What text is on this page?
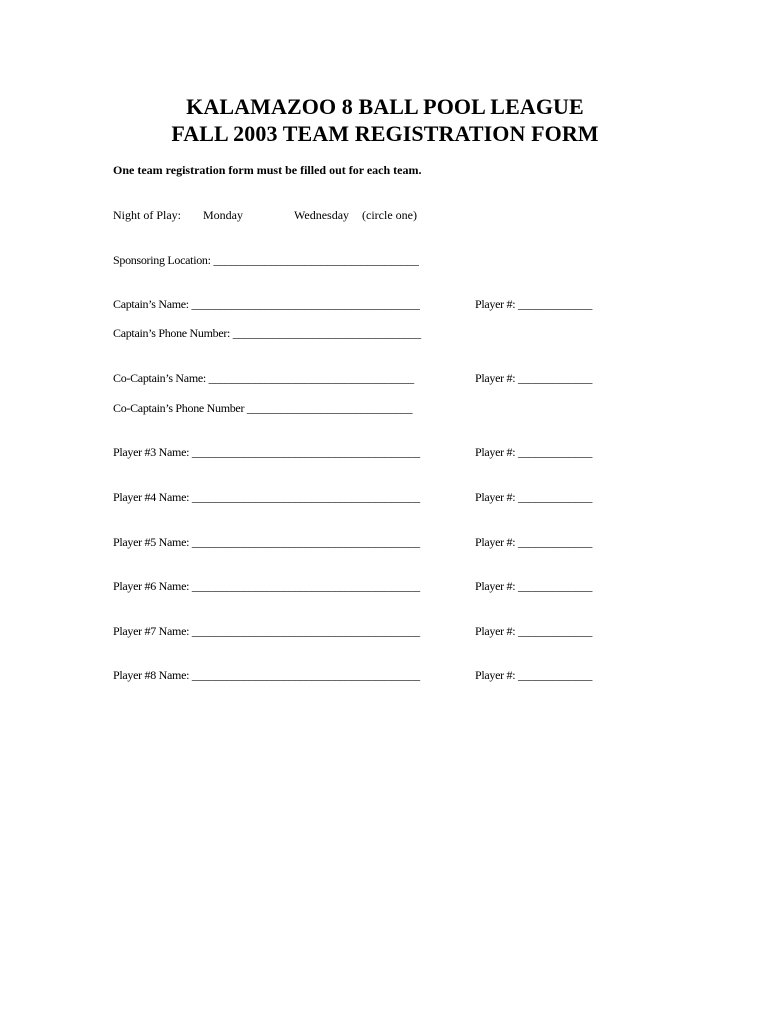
KALAMAZOO 8 BALL POOL LEAGUE
FALL 2003 TEAM REGISTRATION FORM
One team registration form must be filled out for each team.
Night of Play: Monday	Wednesday (circle one)
Sponsoring Location: ____________________________________
Captain’s Name: ________________________________________	Player #: _____________
Captain’s Phone Number: _________________________________
Co-Captain’s Name: ____________________________________	Player #: _____________
Co-Captain’s Phone Number _____________________________
Player #3 Name: ________________________________________	Player #: _____________
Player #4 Name: ________________________________________	Player #: _____________
Player #5 Name: ________________________________________	Player #: _____________
Player #6 Name: ________________________________________	Player #: _____________
Player #7 Name: ________________________________________	Player #: _____________
Player #8 Name: ________________________________________	Player #: _____________
